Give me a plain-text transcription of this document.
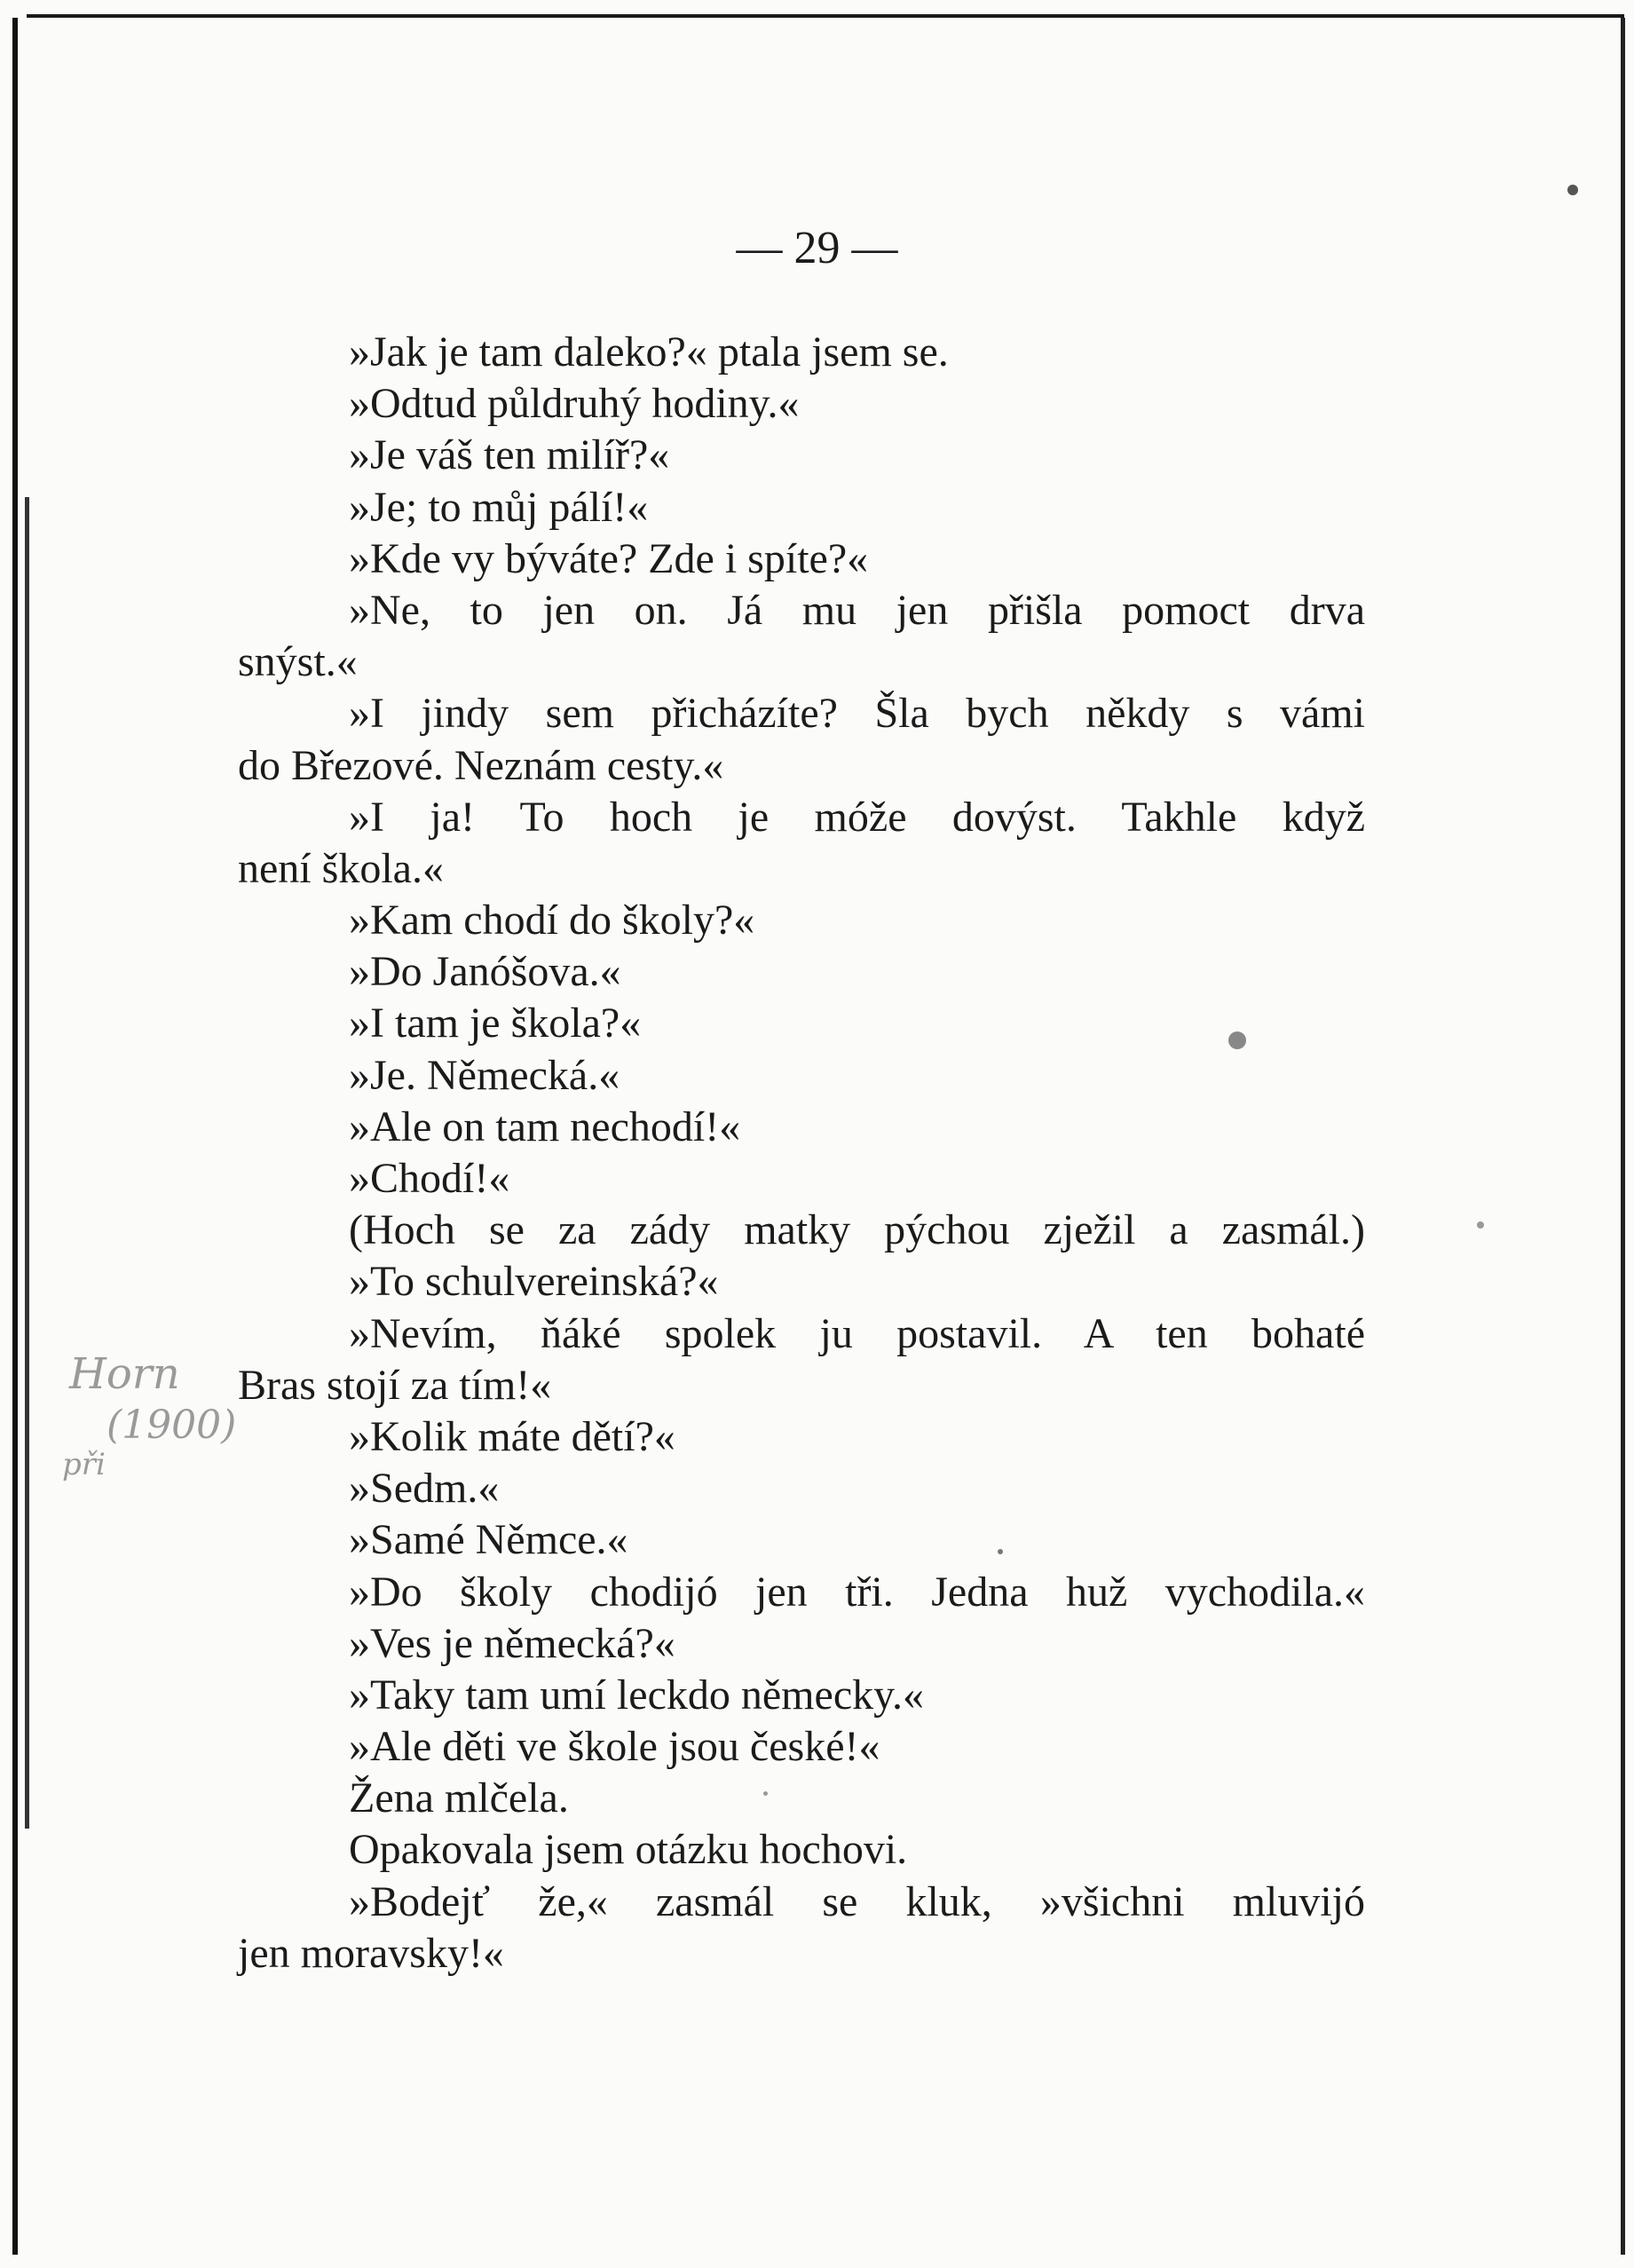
— 29 —
»Jak je tam daleko?« ptala jsem se.
»Odtud půldruhý hodiny.«
»Je váš ten milíř?«
»Je; to můj pálí!«
»Kde vy býváte? Zde i spíte?«
»Ne, to jen on. Já mu jen přišla pomoct drva
snýst.«
»I jindy sem přicházíte? Šla bych někdy s vámi
do Březové. Neznám cesty.«
»I ja! To hoch je móže dovýst. Takhle když
není škola.«
»Kam chodí do školy?«
»Do Janóšova.«
»I tam je škola?«
»Je. Německá.«
»Ale on tam nechodí!«
»Chodí!«
(Hoch se za zády matky pýchou zježil a zasmál.)
»To schulvereinská?«
»Nevím, ňáké spolek ju postavil. A ten bohaté
Bras stojí za tím!«
»Kolik máte dětí?«
»Sedm.«
»Samé Němce.«
»Do školy chodijó jen tři. Jedna huž vychodila.«
»Ves je německá?«
»Taky tam umí leckdo německy.«
»Ale děti ve škole jsou české!«
Žena mlčela.
Opakovala jsem otázku hochovi.
»Bodejť že,« zasmál se kluk, »všichni mluvijó
jen moravsky!«
Horn
(1900)
při
